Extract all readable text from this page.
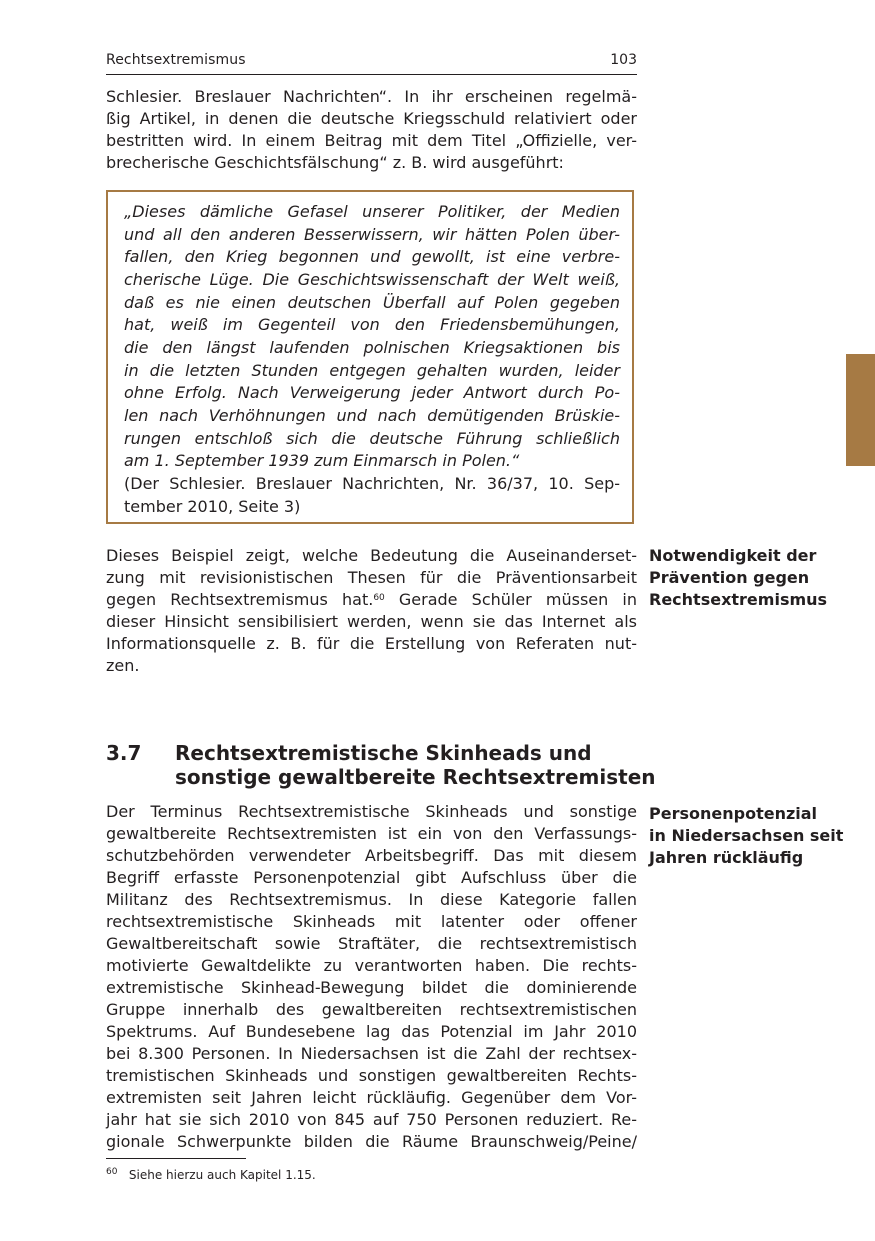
Rechtsextremismus	103
Schlesier. Breslauer Nachrichten“. In ihr erscheinen regelmä-
ßig Artikel, in denen die deutsche Kriegsschuld relativiert oder
bestritten wird. In einem Beitrag mit dem Titel „Offizielle, ver-
brecherische Geschichtsfälschung“ z. B. wird ausgeführt:
„Dieses dämliche Gefasel unserer Politiker, der Medien
und all den anderen Besserwissern, wir hätten Polen über-
fallen, den Krieg begonnen und gewollt, ist eine verbre-
cherische Lüge. Die Geschichtswissenschaft der Welt weiß,
daß es nie einen deutschen Überfall auf Polen gegeben
hat, weiß im Gegenteil von den Friedensbemühungen,
die den längst laufenden polnischen Kriegsaktionen bis
in die letzten Stunden entgegen gehalten wurden, leider
ohne Erfolg. Nach Verweigerung jeder Antwort durch Po-
len nach Verhöhnungen und nach demütigenden Brüskie-
rungen entschloß sich die deutsche Führung schließlich
am 1. September 1939 zum Einmarsch in Polen.“
(Der Schlesier. Breslauer Nachrichten, Nr. 36/37, 10. Sep-
tember 2010, Seite 3)
Dieses Beispiel zeigt, welche Bedeutung die Auseinanderset-
zung mit revisionistischen Thesen für die Präventionsarbeit
gegen Rechtsextremismus hat.$^{60}$ Gerade Schüler müssen in
dieser Hinsicht sensibilisiert werden, wenn sie das Internet als
Informationsquelle z. B. für die Erstellung von Referaten nut-
zen.
Notwendigkeit der
Prävention gegen
Rechtsextremismus
3.7 Rechtsextremistische Skinheads und
sonstige gewaltbereite Rechtsextremisten
Der Terminus Rechtsextremistische Skinheads und sonstige
gewaltbereite Rechtsextremisten ist ein von den Verfassungs-
schutzbehörden verwendeter Arbeitsbegriff. Das mit diesem
Begriff erfasste Personenpotenzial gibt Aufschluss über die
Militanz des Rechtsextremismus. In diese Kategorie fallen
rechtsextremistische Skinheads mit latenter oder offener
Gewaltbereitschaft sowie Straftäter, die rechtsextremistisch
motivierte Gewaltdelikte zu verantworten haben. Die rechts-
extremistische Skinhead-Bewegung bildet die dominierende
Gruppe innerhalb des gewaltbereiten rechtsextremistischen
Spektrums. Auf Bundesebene lag das Potenzial im Jahr 2010
bei 8.300 Personen. In Niedersachsen ist die Zahl der rechtsex-
tremistischen Skinheads und sonstigen gewaltbereiten Rechts-
extremisten seit Jahren leicht rückläufig. Gegenüber dem Vor-
jahr hat sie sich 2010 von 845 auf 750 Personen reduziert. Re-
gionale Schwerpunkte bilden die Räume Braunschweig/Peine/
Personenpotenzial
in Niedersachsen seit
Jahren rückläufig
$^{60}$ Siehe hierzu auch Kapitel 1.15.
